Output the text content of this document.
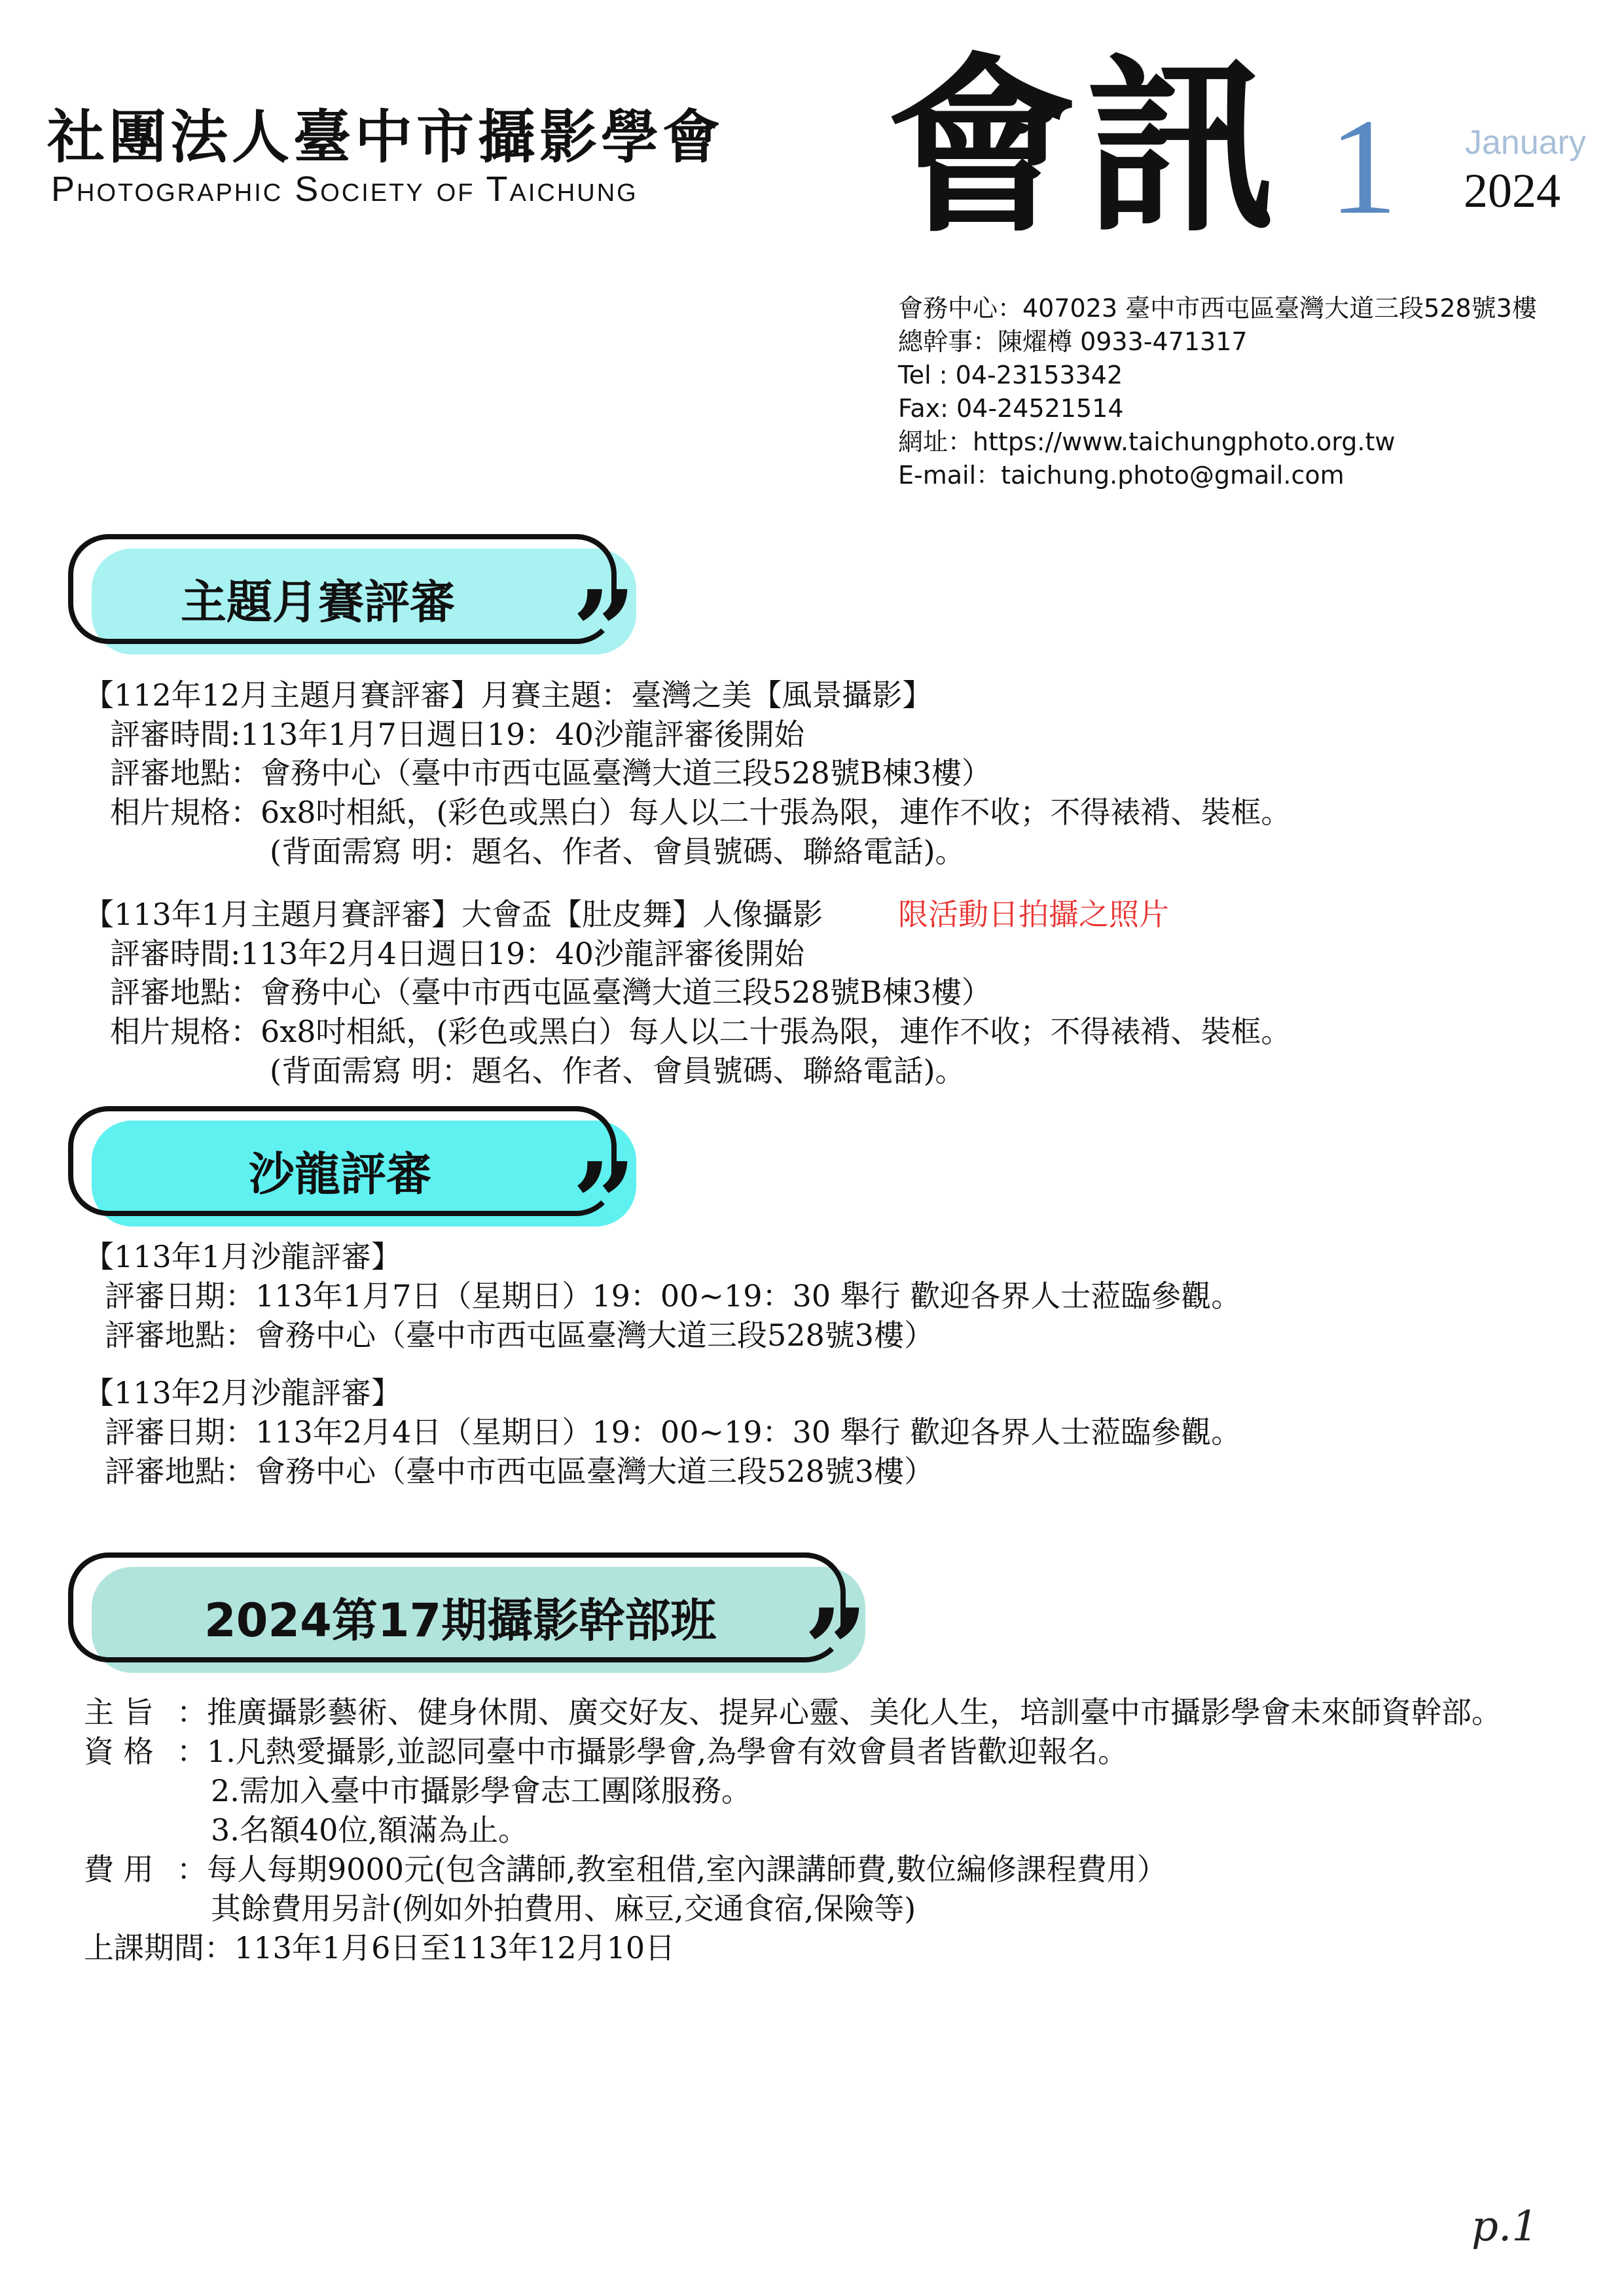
社團法人臺中市攝影學會
Photographic Society of Taichung 會訊 1 January
2024
會務中心：407023 臺中市西屯區臺灣大道三段528號3樓
總幹事：陳燿樽 0933-471317
Tel : 04-23153342
Fax: 04-24521514
網址：https://www.taichungphoto.org.tw
E-mail：taichung.photo@gmail.com
主題月賽評審 ”
【112年12月主題月賽評審】月賽主題：臺灣之美【風景攝影】
評審時間:113年1月7日週日19：40沙龍評審後開始
評審地點：會務中心（臺中市西屯區臺灣大道三段528號B棟3樓）
相片規格：6x8吋相紙，(彩色或黑白）每人以二十張為限，連作不收；不得裱褙、裝框。
(背面需寫 明：題名、作者、會員號碼、聯絡電話)。
【113年1月主題月賽評審】大會盃【肚皮舞】人像攝影 限活動日拍攝之照片
評審時間:113年2月4日週日19：40沙龍評審後開始
評審地點：會務中心（臺中市西屯區臺灣大道三段528號B棟3樓）
相片規格：6x8吋相紙，(彩色或黑白）每人以二十張為限，連作不收；不得裱褙、裝框。
(背面需寫 明：題名、作者、會員號碼、聯絡電話)。
沙龍評審 ”
【113年1月沙龍評審】
評審日期：113年1月7日（星期日）19：00~19：30 舉行 歡迎各界人士蒞臨參觀。
評審地點：會務中心（臺中市西屯區臺灣大道三段528號3樓）
【113年2月沙龍評審】
評審日期：113年2月4日（星期日）19：00~19：30 舉行 歡迎各界人士蒞臨參觀。
評審地點：會務中心（臺中市西屯區臺灣大道三段528號3樓）
2024第17期攝影幹部班 ”
主 旨 ：推廣攝影藝術、健身休閒、廣交好友、提昇心靈、美化人生，培訓臺中市攝影學會未來師資幹部。
資 格 ：1.凡熱愛攝影,並認同臺中市攝影學會,為學會有效會員者皆歡迎報名。
2.需加入臺中市攝影學會志工團隊服務。
3.名額40位,額滿為止。
費 用 ：每人每期9000元(包含講師,教室租借,室內課講師費,數位編修課程費用）
其餘費用另計(例如外拍費用、麻豆,交通食宿,保險等)
上課期間：113年1月6日至113年12月10日
p.1
